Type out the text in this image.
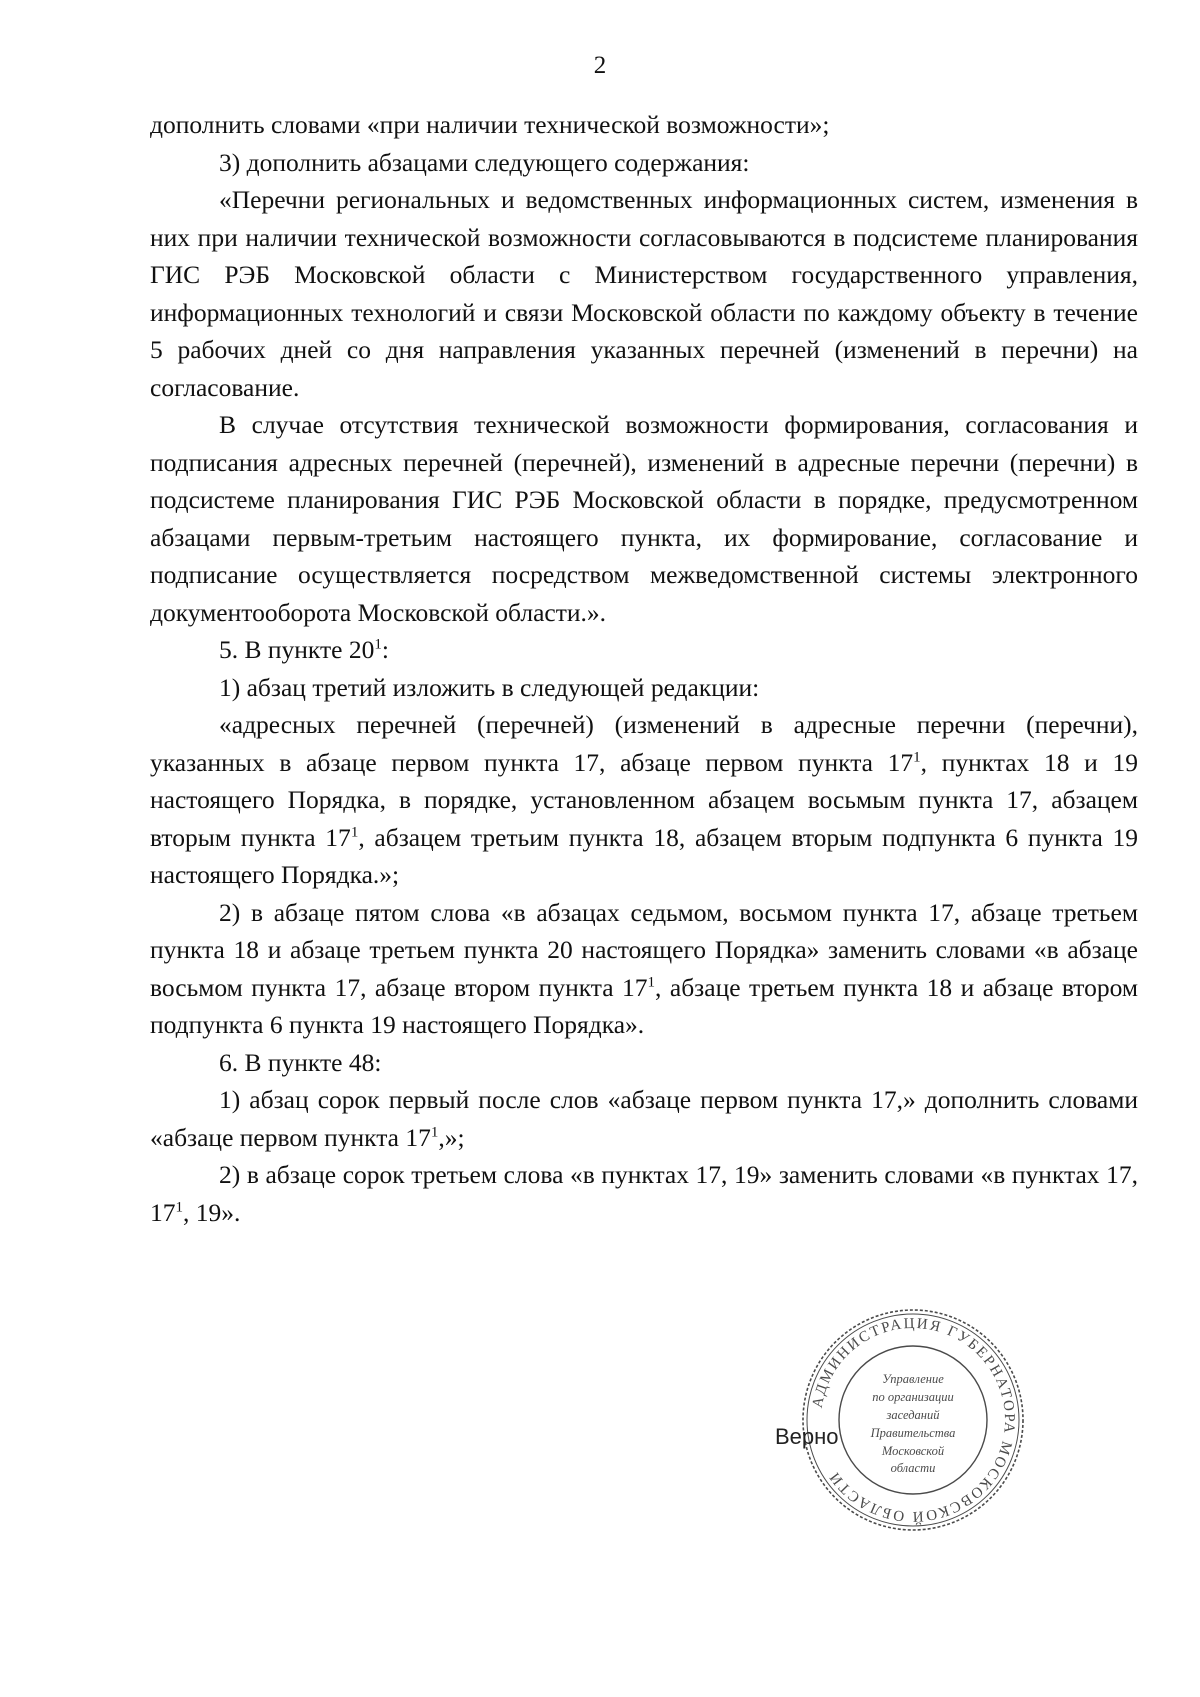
2

дополнить словами «при наличии технической возможности»;

3) дополнить абзацами следующего содержания:

«Перечни региональных и ведомственных информационных систем, изменения в них при наличии технической возможности согласовываются в подсистеме планирования ГИС РЭБ Московской области с Министерством государственного управления, информационных технологий и связи Московской области по каждому объекту в течение 5 рабочих дней со дня направления указанных перечней (изменений в перечни) на согласование.

В случае отсутствия технической возможности формирования, согласования и подписания адресных перечней (перечней), изменений в адресные перечни (перечни) в подсистеме планирования ГИС РЭБ Московской области в порядке, предусмотренном абзацами первым-третьим настоящего пункта, их формирование, согласование и подписание осуществляется посредством межведомственной системы электронного документооборота Московской области.».

5. В пункте $20^1$:

1) абзац третий изложить в следующей редакции:

«адресных перечней (перечней) (изменений в адресные перечни (перечни), указанных в абзаце первом пункта 17, абзаце первом пункта $17^1$, пунктах 18 и 19 настоящего Порядка, в порядке, установленном абзацем восьмым пункта 17, абзацем вторым пункта $17^1$, абзацем третьим пункта 18, абзацем вторым подпункта 6 пункта 19 настоящего Порядка.»;

2) в абзаце пятом слова «в абзацах седьмом, восьмом пункта 17, абзаце третьем пункта 18 и абзаце третьем пункта 20 настоящего Порядка» заменить словами «в абзаце восьмом пункта 17, абзаце втором пункта $17^1$, абзаце третьем пункта 18 и абзаце втором подпункта 6 пункта 19 настоящего Порядка».

6. В пункте 48:

1) абзац сорок первый после слов «абзаце первом пункта 17,» дополнить словами «абзаце первом пункта $17^1$,»;

2) в абзаце сорок третьем слова «в пунктах 17, 19» заменить словами «в пунктах 17, $17^1$, 19».

АДМИНИСТРАЦИЯ ГУБЕРНАТОРА МОСКОВСКОЙ ОБЛАСТИ
Управление
по организации
заседаний
Правительства
Московской
области
Верно
